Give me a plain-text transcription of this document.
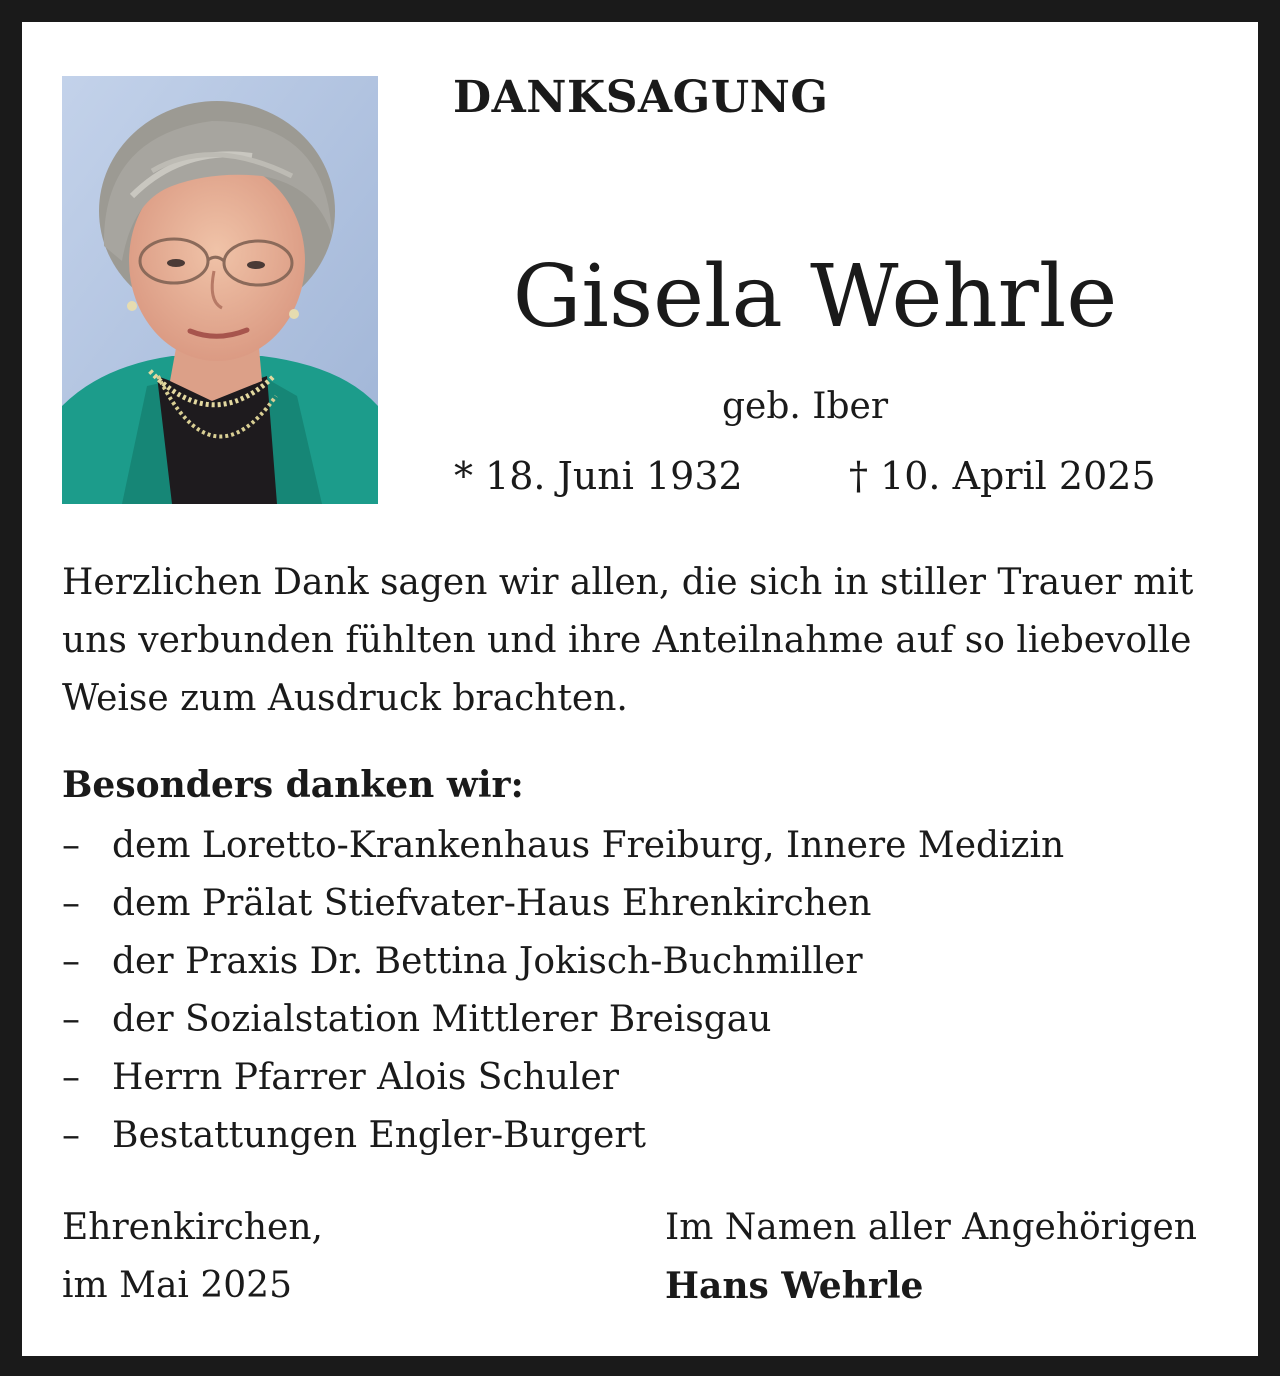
DANKSAGUNG
Gisela Wehrle
geb. Iber
* 18. Juni 1932	† 10. April 2025

Herzlichen Dank sagen wir allen, die sich in stiller Trauer mit uns verbunden fühlten und ihre Anteilnahme auf so liebevolle Weise zum Ausdruck brachten.

Besonders danken wir:
– dem Loretto-Krankenhaus Freiburg, Innere Medizin
– dem Prälat Stiefvater-Haus Ehrenkirchen
– der Praxis Dr. Bettina Jokisch-Buchmiller
– der Sozialstation Mittlerer Breisgau
– Herrn Pfarrer Alois Schuler
– Bestattungen Engler-Burgert
Ehrenkirchen,
im Mai 2025
Im Namen aller Angehörigen
Hans Wehrle
